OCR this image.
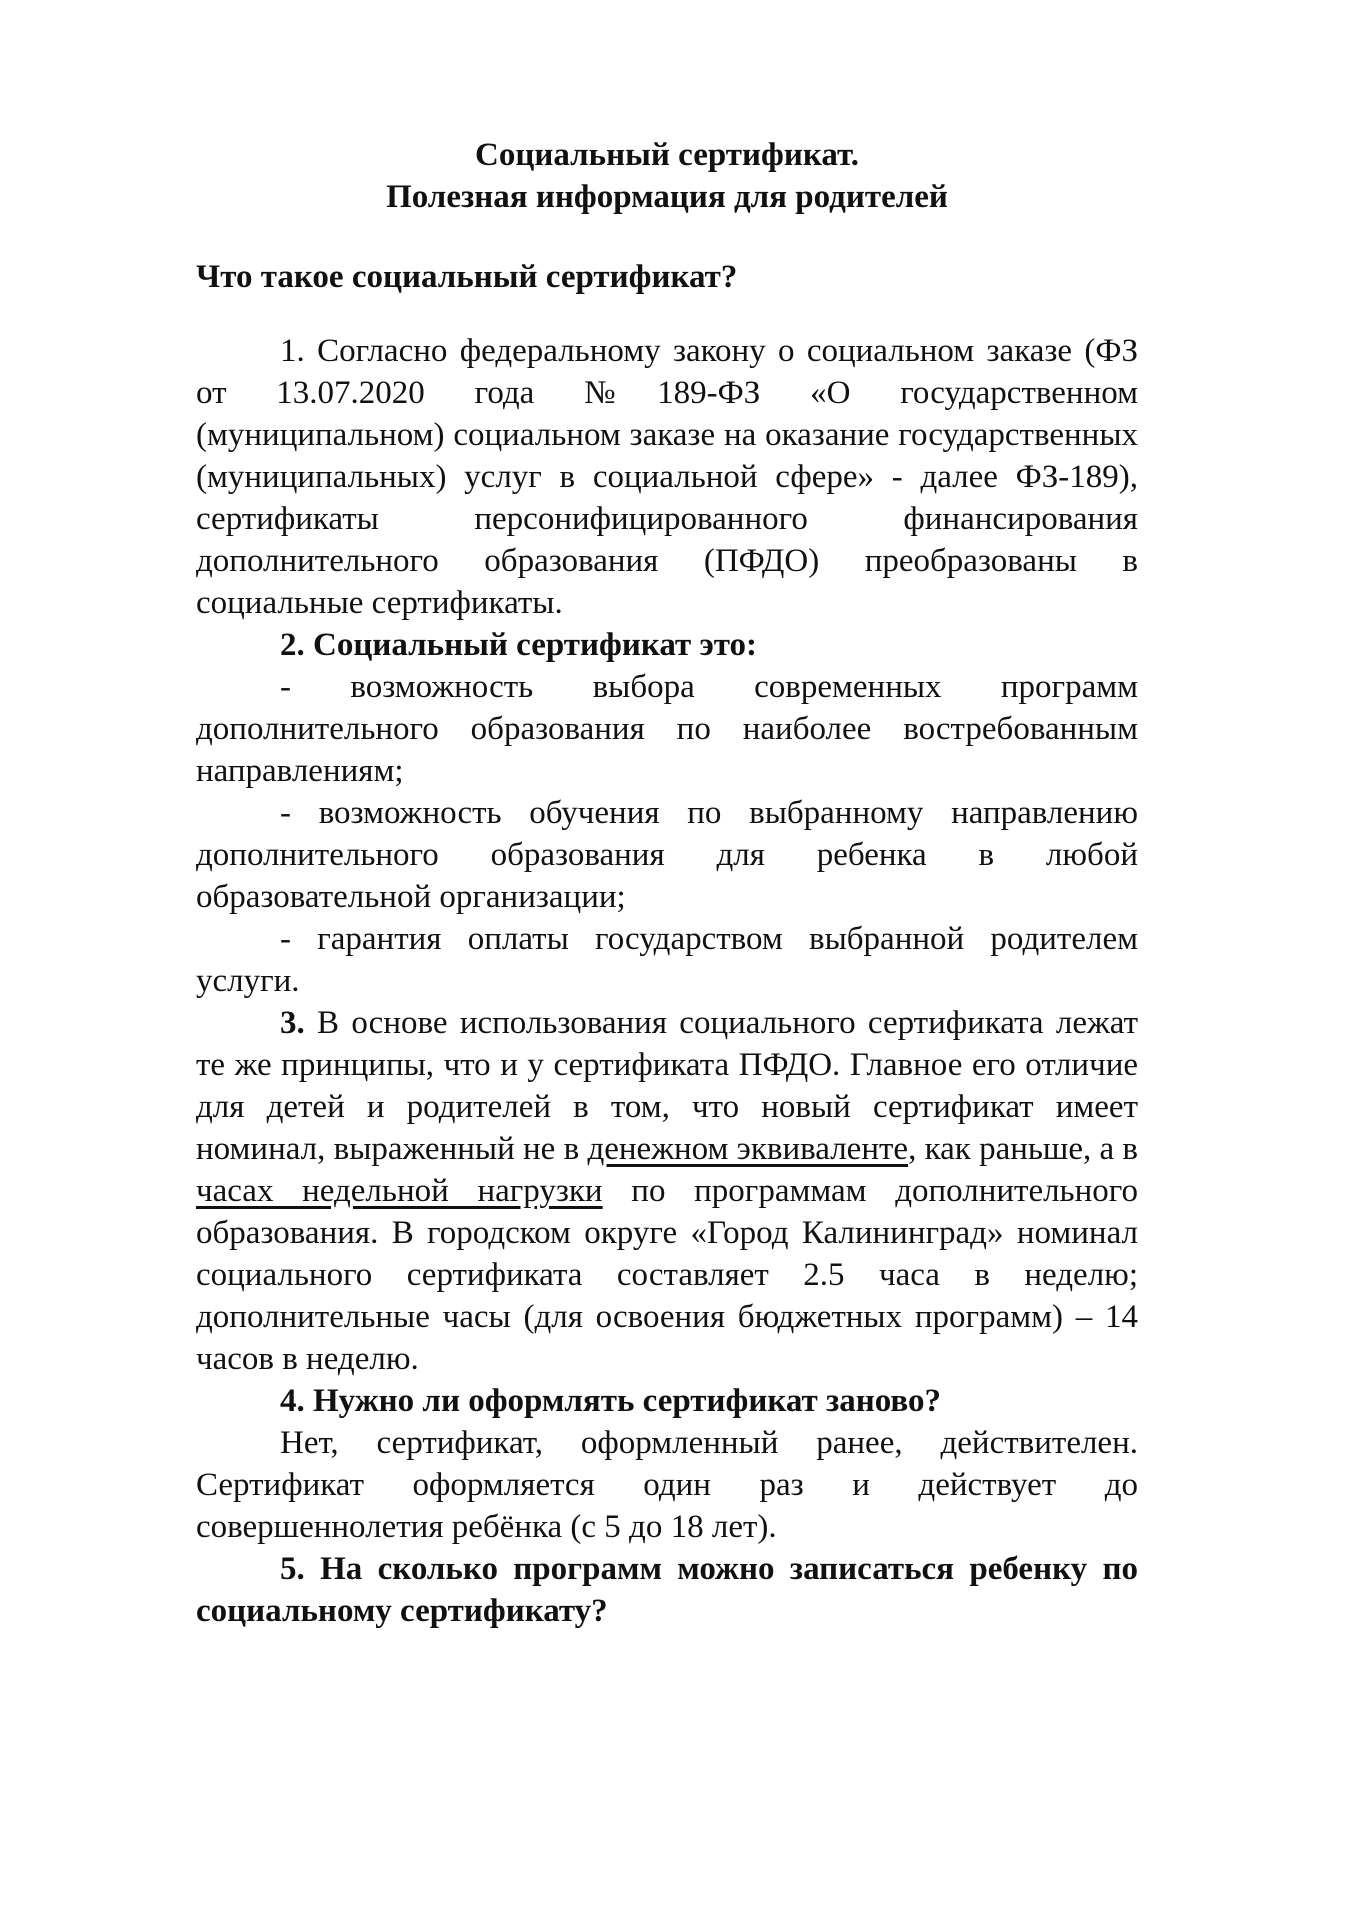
Социальный сертификат.
Полезная информация для родителей

Что такое социальный сертификат?

1. Согласно федеральному закону о социальном заказе (ФЗ от 13.07.2020 года №189-ФЗ «О государственном (муниципальном) социальном заказе на оказание государственных (муниципальных) услуг в социальной сфере» - далее ФЗ-189), сертификаты персонифицированного финансирования дополнительного образования (ПФДО) преобразованы в социальные сертификаты.

2. Социальный сертификат это:

- возможность выбора современных программ дополнительного образования по наиболее востребованным направлениям;

- возможность обучения по выбранному направлению дополнительного образования для ребенка в любой образовательной организации;

- гарантия оплаты государством выбранной родителем услуги.

3. В основе использования социального сертификата лежат те же принципы, что и у сертификата ПФДО. Главное его отличие для детей и родителей в том, что новый сертификат имеет номинал, выраженный не в денежном эквиваленте, как раньше, а в часах недельной нагрузки по программам дополнительного образования. В городском округе «Город Калининград» номинал социального сертификата составляет 2.5 часа в неделю; дополнительные часы (для освоения бюджетных программ) – 14 часов в неделю.

4. Нужно ли оформлять сертификат заново?

Нет, сертификат, оформленный ранее, действителен. Сертификат оформляется один раз и действует до совершеннолетия ребёнка (с 5 до 18 лет).

5. На сколько программ можно записаться ребенку по социальному сертификату?
